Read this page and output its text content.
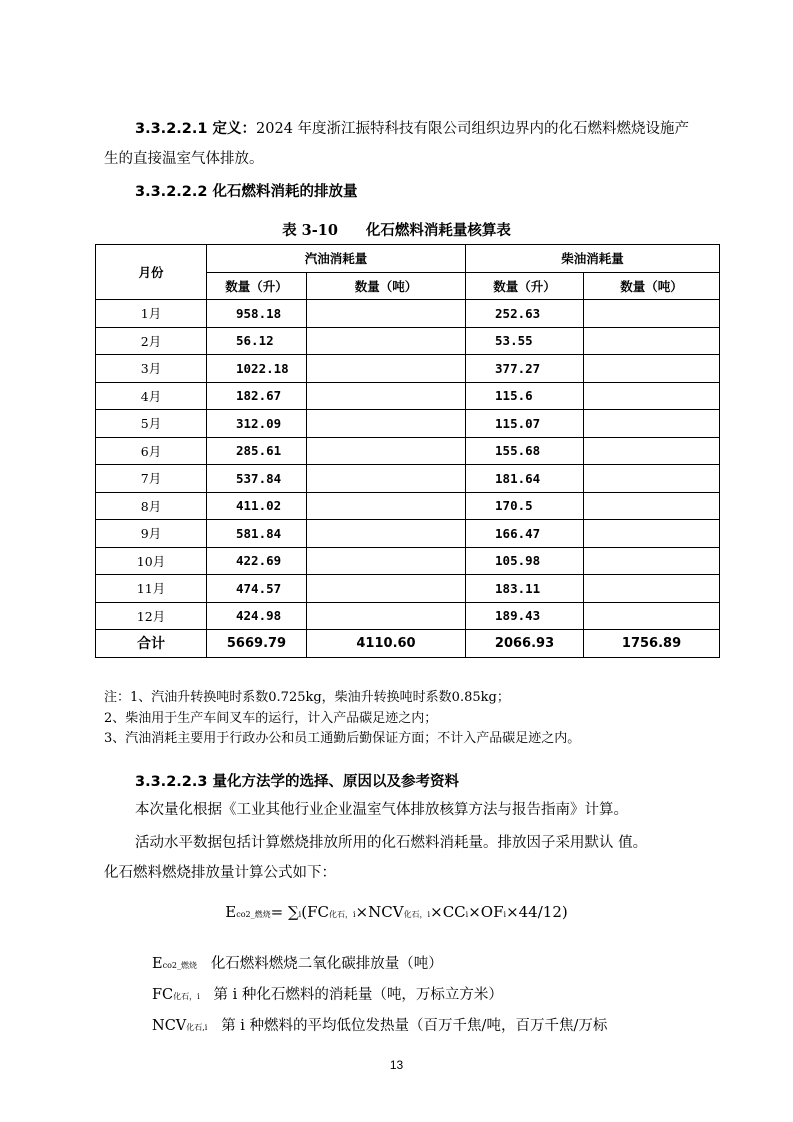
3.3.2.2.1 定义：2024 年度浙江振特科技有限公司组织边界内的化石燃料燃烧设施产
生的直接温室气体排放。
3.3.2.2.2 化石燃料消耗的排放量
表 3-10 化石燃料消耗量核算表
月份	汽油消耗量		柴油消耗量	
	数量（升）	数量（吨）	数量（升）	数量（吨）
1月	958.18		252.63	
2月	56.12		53.55	
3月	1022.18		377.27	
4月	182.67		115.6	
5月	312.09		115.07	
6月	285.61		155.68	
7月	537.84		181.64	
8月	411.02		170.5	
9月	581.84		166.47	
10月	422.69		105.98	
11月	474.57		183.11	
12月	424.98		189.43	
合计	5669.79	4110.60	2066.93	1756.89
注：1、汽油升转换吨时系数0.725kg，柴油升转换吨时系数0.85kg；
2、柴油用于生产车间叉车的运行，计入产品碳足迹之内；
3、汽油消耗主要用于行政办公和员工通勤后勤保证方面；不计入产品碳足迹之内。
3.3.2.2.3 量化方法学的选择、原因以及参考资料
本次量化根据《工业其他行业企业温室气体排放核算方法与报告指南》计算。
活动水平数据包括计算燃烧排放所用的化石燃料消耗量。排放因子采用默认 值。
化石燃料燃烧排放量计算公式如下：
Eco2_燃烧= ∑i(FC化石，i×NCV化石，i×CCi×OFi×44/12)
Eco2_燃烧 化石燃料燃烧二氧化碳排放量（吨）
FC化石，i 第 i 种化石燃料的消耗量（吨，万标立方米）
NCV化石,i 第 i 种燃料的平均低位发热量（百万千焦/吨，百万千焦/万标
13
